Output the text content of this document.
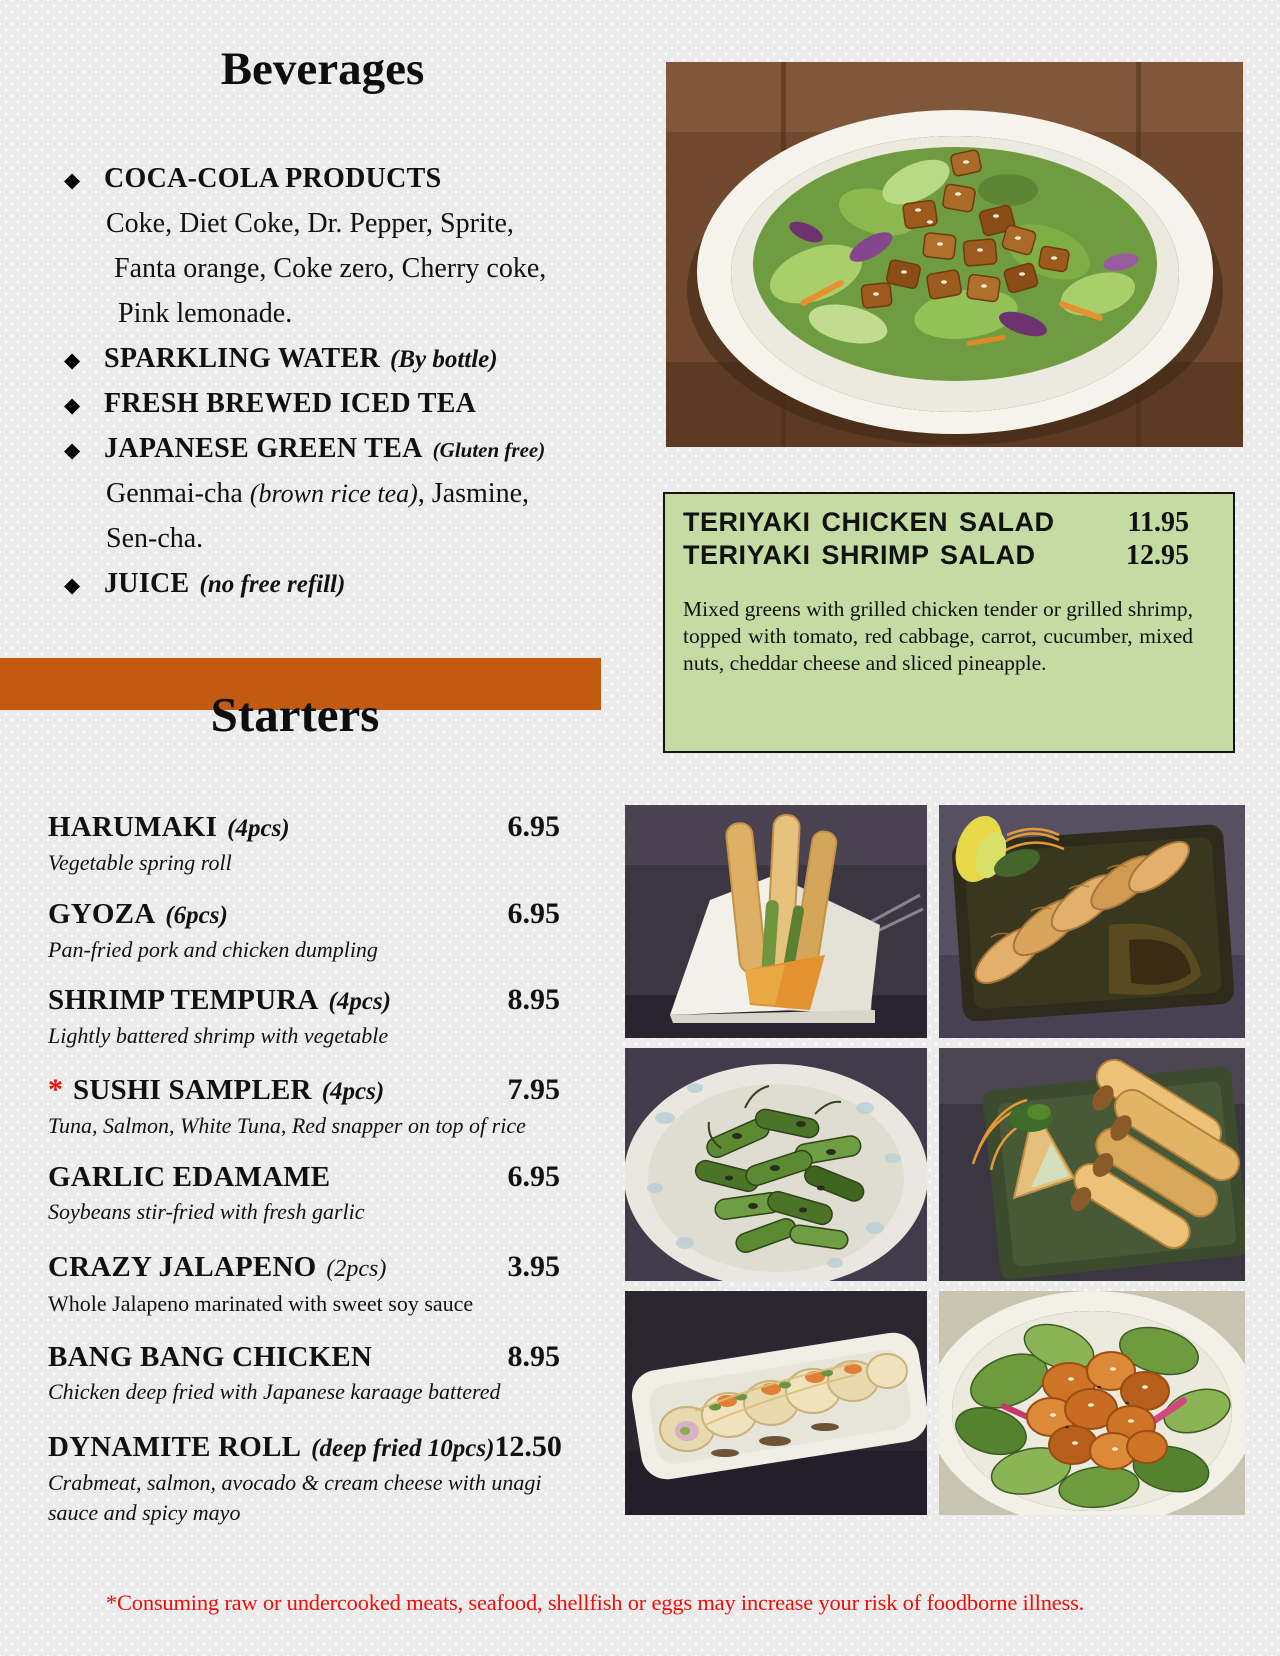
Beverages
◆ COCA-COLA PRODUCTS
Coke, Diet Coke, Dr. Pepper, Sprite,
Fanta orange, Coke zero, Cherry coke,
Pink lemonade.
◆ SPARKLING WATER (By bottle)
◆ FRESH BREWED ICED TEA
◆ JAPANESE GREEN TEA (Gluten free)
Genmai-cha (brown rice tea), Jasmine,
Sen-cha.
◆ JUICE (no free refill)
Starters
HARUMAKI (4pcs)	6.95
Vegetable spring roll
GYOZA (6pcs)	6.95
Pan-fried pork and chicken dumpling
SHRIMP TEMPURA (4pcs)	8.95
Lightly battered shrimp with vegetable
* SUSHI SAMPLER (4pcs)	7.95
Tuna, Salmon, White Tuna, Red snapper on top of rice
GARLIC EDAMAME	6.95
Soybeans stir-fried with fresh garlic
CRAZY JALAPENO (2pcs)	3.95
Whole Jalapeno marinated with sweet soy sauce
BANG BANG CHICKEN	8.95
Chicken deep fried with Japanese karaage battered
DYNAMITE ROLL (deep fried 10pcs) 12.50
Crabmeat, salmon, avocado & cream cheese with unagi sauce and spicy mayo
TERIYAKI CHICKEN SALAD	11.95
TERIYAKI SHRIMP SALAD	12.95
Mixed greens with grilled chicken tender or grilled shrimp, topped with tomato, red cabbage, carrot, cucumber, mixed nuts, cheddar cheese and sliced pineapple.
*Consuming raw or undercooked meats, seafood, shellfish or eggs may increase your risk of foodborne illness.
